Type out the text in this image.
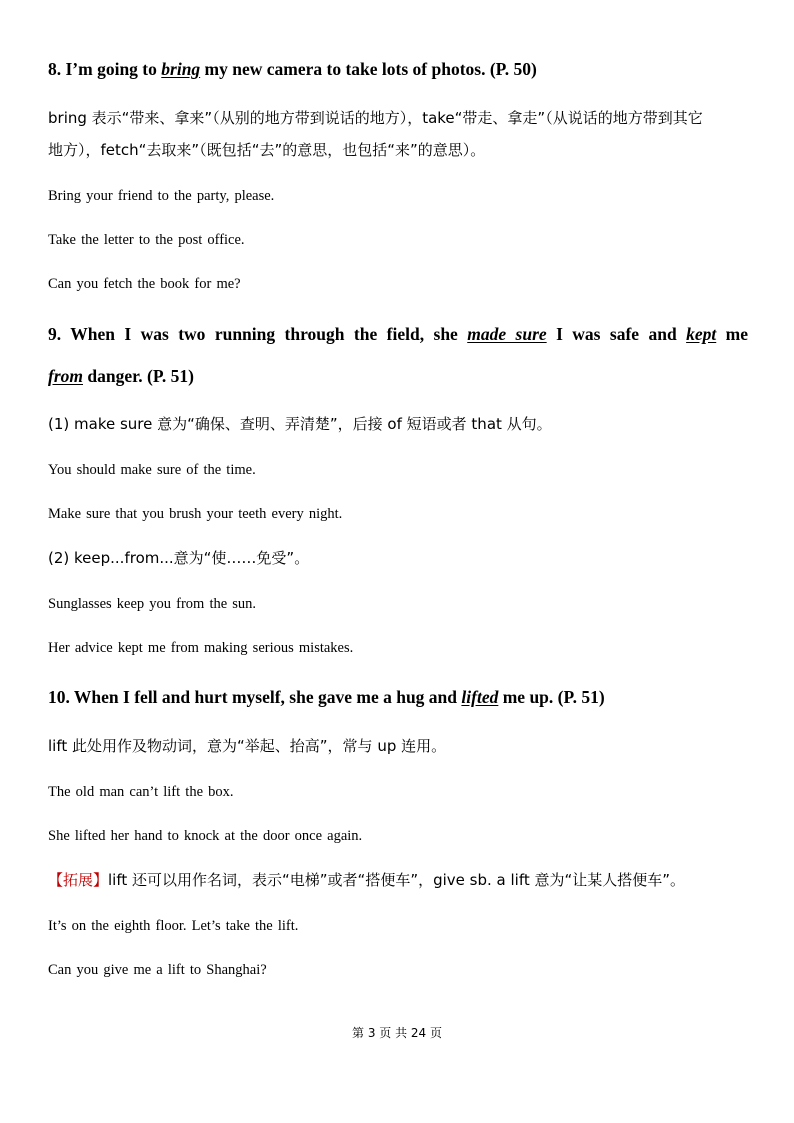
8. I’m going to bring my new camera to take lots of photos. (P. 50)
bring 表示“带来、拿来”（从别的地方带到说话的地方），take“带走、拿走”（从说话的地方带到其它
地方），fetch“去取来”（既包括“去”的意思，也包括“来”的意思）。
Bring your friend to the party, please.
Take the letter to the post office.
Can you fetch the book for me?
9. When I was two running through the field, she made sure I was safe and kept me
from danger. (P. 51)
(1) make sure 意为“确保、查明、弄清楚”，后接 of 短语或者 that 从句。
You should make sure of the time.
Make sure that you brush your teeth every night.
(2) keep...from...意为“使……免受”。
Sunglasses keep you from the sun.
Her advice kept me from making serious mistakes.
10. When I fell and hurt myself, she gave me a hug and lifted me up. (P. 51)
lift 此处用作及物动词，意为“举起、抬高”，常与 up 连用。
The old man can’t lift the box.
She lifted her hand to knock at the door once again.
【拓展】lift 还可以用作名词，表示“电梯”或者“搭便车”，give sb. a lift 意为“让某人搭便车”。
It’s on the eighth floor. Let’s take the lift.
Can you give me a lift to Shanghai?
第 3 页 共 24 页
